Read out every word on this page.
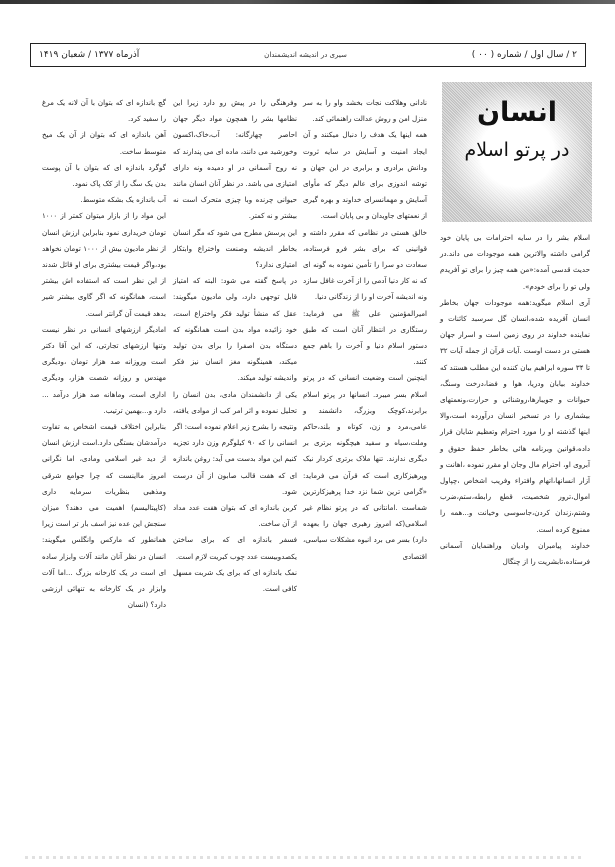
۲ / سال اول / شماره ( ۰۰ )
سیری در اندیشه اندیشمندان
آذرماه ۱۳۷۷ / شعبان ۱۴۱۹
انسان
در پرتو اسلام

اسلام بشر را در سایه احترامات بی پایان خود گرامی داشته والاترین همه موجودات می داند.در حدیث قدسی آمده:«من همه چیز را برای تو آفریدم ولی تو را برای خودم».

آری اسلام میگوید:همه موجودات جهان بخاطر انسان آفریده شده،انسان گل سرسبد کائنات و نماینده خداوند در روی زمین است و اسرار جهان هستی در دست اوست .آیات قرآن از جمله آیات ۳۲ تا ۳۴ سوره ابراهیم بیان کننده این مطلب هستند که خداوند بیابان ودریا، هوا و فضا،درخت وسنگ، حیوانات و جویبارها،روشنائی و حرارت،ونعمتهای بیشماری را در تسخیر انسان درآورده است،والا اینها گذشته او را مورد احترام وتعظیم شایان قرار داده،قوانین وبرنامه هائی بخاطر حفظ حقوق و آبروی او، احترام مال وجان او مقرر نموده ،اهانت و آزار انسانها،اتهام وافتراء وفریب اشخاص ،چپاول اموال،ترور شخصیت، قطع رابطه،ستم،ضرب وشتم،زندان کردن،جاسوسی وخیانت و...همه را ممنوع کرده است.

خداوند پیامبران وادیان وراهنمایان آسمانی فرستاده،تابشریت را از چنگال

نادانی وهلاکت نجات بخشد واو را به سر منزل امن و روش عدالت راهنمائی کند.

همه اینها یک هدف را دنبال میکنند و آن ایجاد امنیت و آسایش در سایه ثروت ودانش برادری و برابری در این جهان و توشه اندوزی برای عالم دیگر که مأوای آسایش و مهمانسرای خداوند و بهره گیری از نعمتهای جاویدان و بی پایان است.

خالق هستی در نظامی که مقرر داشته و قوانینی که برای بشر فرو فرستاده، سعادت دو سرا را تأمین نموده به گونه ای که نه کار دنیا آدمی را از آخرت غافل سازد ونه اندیشه آخرت او را از زندگانی دنیا.

امیرالمؤمنین علی ﷺ می فرماید: رستگاری در انتظار آنان است که طبق دستور اسلام دنیا و آخرت را باهم جمع کنند.

اینچنین است وضعیت انسانی که در پرتو اسلام بسر میبرد. انسانها در پرتو اسلام برابرند،کوچک وبزرگ، دانشمند و عامی،مرد و زن، کوتاه و بلند،حاکم وملت،سیاه و سفید هیچگونه برتری بر دیگری ندارند. تنها ملاک برتری کردار نیک وپرهیزکاری است که قرآن می فرماید: «گرامی ترین شما نزد خدا پرهیزکارترین شماست .امانتانی که در پرتو نظام غیر اسلامی(که امروز رهبری جهان را بعهده دارد) بسر می برد انبوه مشکلات سیاسی، اقتصادی

وفرهنگی را در پیش رو دارد زیرا این نظامها بشر را همچون مواد دیگر جهان احاصر چهارگانه: آب،خاک،اکسون وخورشید می دانند، ماده ای می پندارند که نه روح آسمانی در او دمیده ونه دارای امتیازی می باشد. در نظر آنان انسان مانند حیوانی چرنده وبا چیزی متحرک است نه بیشتر و نه کمتر.

این پرسش مطرح می شود که مگر انسان بخاطر اندیشه وصنعت واختراع وابتکار امتیازی ندارد؟

در پاسخ گفته می شود: البته که امتیاز قابل توجهی دارد، ولی مادیون میگویند: عقل که منشأ تولید فکر واختراع است، خود زائیده مواد بدن است همانگونه که دستگاه بدن اصفرا را برای بدن تولید میکند، همینگونه مغز انسان نیز فکر واندیشه تولید میکند.

یکی از دانشمندان مادی، بدن انسان را تحلیل نموده و اثر امر کب از موادی یافته، ونتیجه را بشرح زیر اعلام نموده است: اگر انسانی را که ۹۰ کیلوگرم وزن دارد تجزیه کنیم این مواد بدست می آید: روغن باندازه ای که هفت قالب صابون از آن درست شود.

کربن باندازه ای که بتوان هفت عدد مداد از آن ساخت.

فسفر باندازه ای که برای ساختن یکصدوبیست عدد چوب کبریت لازم است.

نمک باندازه ای که برای یک شربت مسهل کافی است.

گچ باندازه ای که بتوان با آن لانه یک مرغ را سفید کرد.

آهن باندازه ای که بتوان از آن یک میخ متوسط ساخت.

گوگرد باندازه ای که بتوان با آن پوست بدن یک سگ را از کک پاک نمود.

آب باندازه یک بشکه متوسط.

این مواد را از بازار میتوان کمتر از ۱۰۰۰ تومان خریداری نمود بنابراین ارزش انسان از نظر مادیون بیش از ۱۰۰۰ تومان نخواهد بود،واگر قیمت بیشتری برای او قائل شدند از این نظر است که استفاده اش بیشتر است، همانگونه که اگر گاوی بیشتر شیر بدهد قیمت آن گرانتر است.

امادیگر ارزشهای انسانی در نظر نیست وتنها ارزشهای تجارتی، که این آقا دکتر است وروزانه صد هزار تومان ،ودیگری مهندس و روزانه شصت هزار، ودیگری اداری است، وماهانه صد هزار درآمد ... دارد و...بهمین ترتیب.

بنابراین اختلاف قیمت اشخاص به تفاوت درآمدشان بستگی دارد.است ارزش انسان از دید غیر اسلامی ومادی، اما نگرانی امروز مااینست که چرا جوامع شرقی ومذهبی بنظریات سرمایه داری (کاپیتالیسم) اهمیت می دهند؟ میزان سنجش این عده نیز اسف بار تر است زیرا همانطور که مارکس وانگلس میگویند: انسان در نظر آنان مانند آلات وابزار ساده ای است در یک کارخانه بزرگ ...اما آلات وابزار در یک کارخانه به تنهائی ارزشی دارد؟ (انسان
